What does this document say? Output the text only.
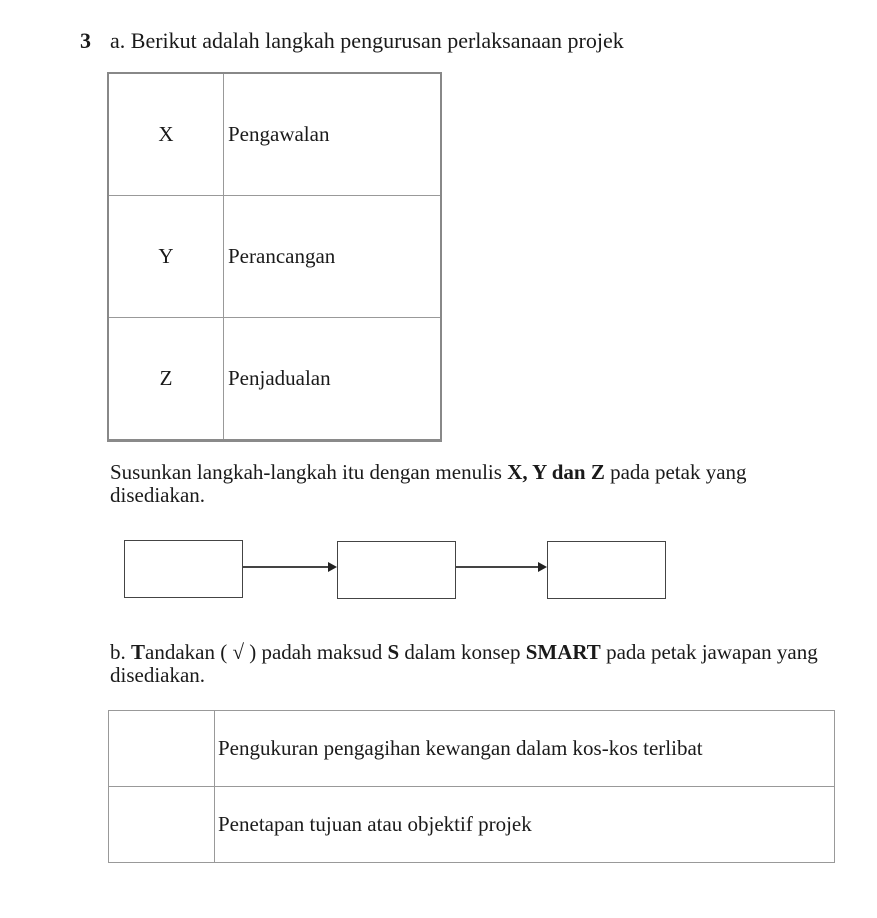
3 a. Berikut adalah langkah pengurusan perlaksanaan projek
X	Pengawalan
Y	Perancangan
Z	Penjadualan
Susunkan langkah-langkah itu dengan menulis X, Y dan Z pada petak yang disediakan.
b. Tandakan ( √ ) padah maksud S dalam konsep SMART pada petak jawapan yang disediakan.
	Pengukuran pengagihan kewangan dalam kos-kos terlibat
	Penetapan tujuan atau objektif projek
